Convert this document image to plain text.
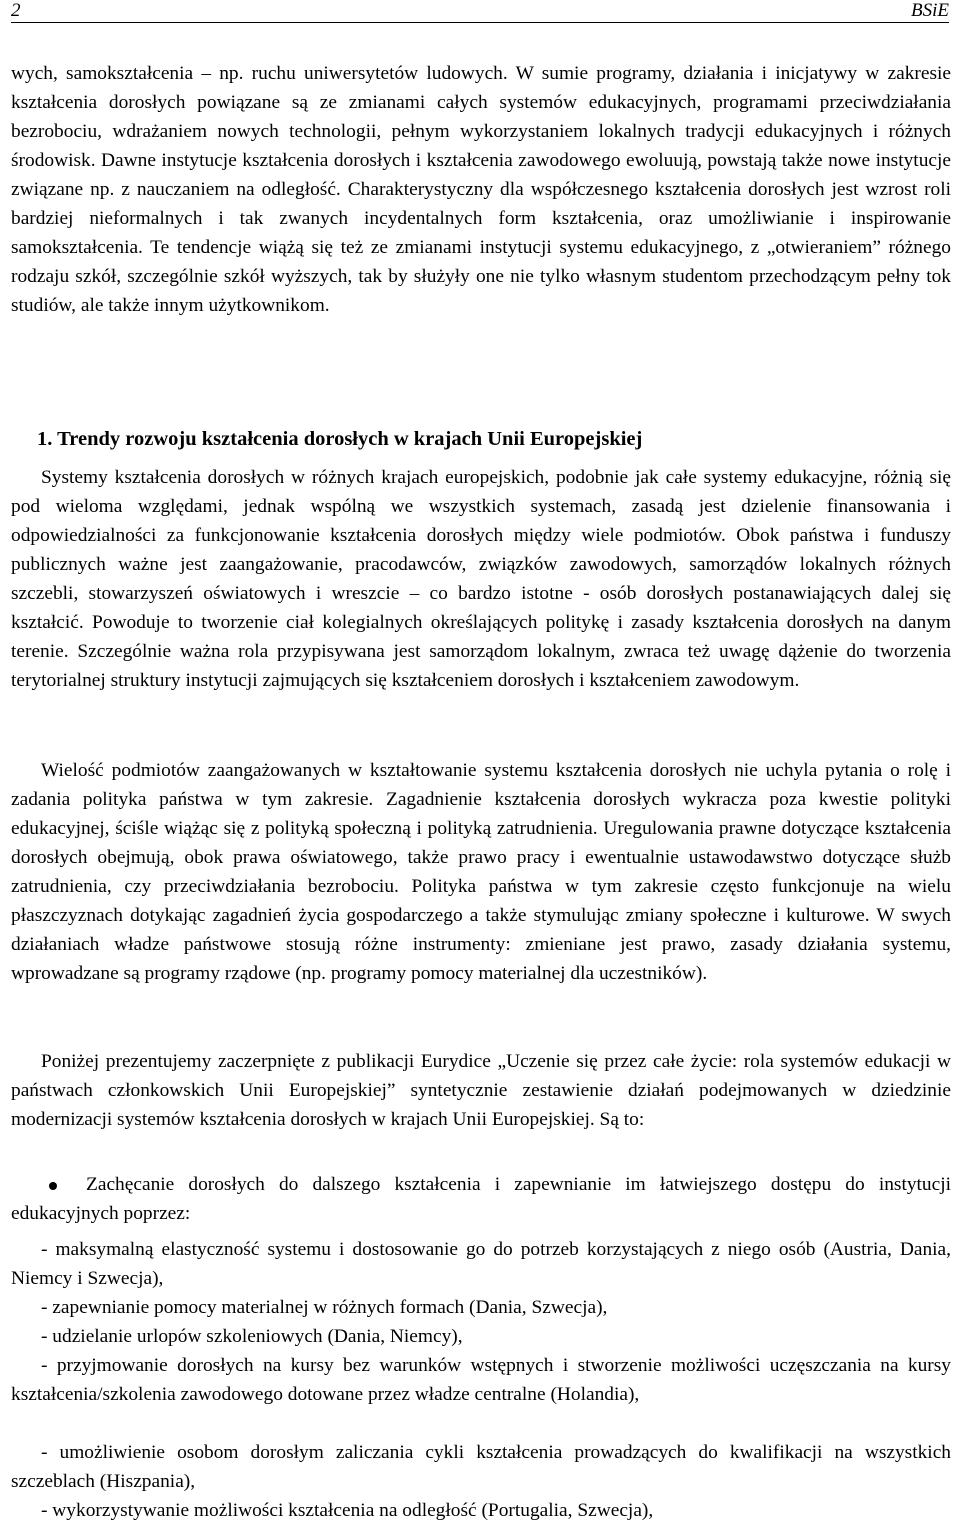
2	BSiE
wych, samokształcenia – np. ruchu uniwersytetów ludowych. W sumie programy, działania i inicjatywy w zakresie kształcenia dorosłych powiązane są ze zmianami całych systemów edukacyjnych, programami przeciwdziałania bezrobociu, wdrażaniem nowych technologii, pełnym wykorzystaniem lokalnych tradycji edukacyjnych i różnych środowisk. Dawne instytucje kształcenia dorosłych i kształcenia zawodowego ewoluują, powstają także nowe instytucje związane np. z nauczaniem na odległość. Charakterystyczny dla współczesnego kształcenia dorosłych jest wzrost roli bardziej nieformalnych i tak zwanych incydentalnych form kształcenia, oraz umożliwianie i inspirowanie samokształcenia. Te tendencje wiążą się też ze zmianami instytucji systemu edukacyjnego, z „otwieraniem” różnego rodzaju szkół, szczególnie szkół wyższych, tak by służyły one nie tylko własnym studentom przechodzącym pełny tok studiów, ale także innym użytkownikom.
1. Trendy rozwoju kształcenia dorosłych w krajach Unii Europejskiej
Systemy kształcenia dorosłych w różnych krajach europejskich, podobnie jak całe systemy edukacyjne, różnią się pod wieloma względami, jednak wspólną we wszystkich systemach, zasadą jest dzielenie finansowania i odpowiedzialności za funkcjonowanie kształcenia dorosłych między wiele podmiotów. Obok państwa i funduszy publicznych ważne jest zaangażowanie, pracodawców, związków zawodowych, samorządów lokalnych różnych szczebli, stowarzyszeń oświatowych i wreszcie – co bardzo istotne - osób dorosłych postanawiających dalej się kształcić. Powoduje to tworzenie ciał kolegialnych określających politykę i zasady kształcenia dorosłych na danym terenie. Szczególnie ważna rola przypisywana jest samorządom lokalnym, zwraca też uwagę dążenie do tworzenia terytorialnej struktury instytucji zajmujących się kształceniem dorosłych i kształceniem zawodowym.
Wielość podmiotów zaangażowanych w kształtowanie systemu kształcenia dorosłych nie uchyla pytania o rolę i zadania polityka państwa w tym zakresie. Zagadnienie kształcenia dorosłych wykracza poza kwestie polityki edukacyjnej, ściśle wiążąc się z polityką społeczną i polityką zatrudnienia. Uregulowania prawne dotyczące kształcenia dorosłych obejmują, obok prawa oświatowego, także prawo pracy i ewentualnie ustawodawstwo dotyczące służb zatrudnienia, czy przeciwdziałania bezrobociu. Polityka państwa w tym zakresie często funkcjonuje na wielu płaszczyznach dotykając zagadnień życia gospodarczego a także stymulując zmiany społeczne i kulturowe. W swych działaniach władze państwowe stosują różne instrumenty: zmieniane jest prawo, zasady działania systemu, wprowadzane są programy rządowe (np. programy pomocy materialnej dla uczestników).
Poniżej prezentujemy zaczerpnięte z publikacji Eurydice „Uczenie się przez całe życie: rola systemów edukacji w państwach członkowskich Unii Europejskiej” syntetycznie zestawienie działań podejmowanych w dziedzinie modernizacji systemów kształcenia dorosłych w krajach Unii Europejskiej. Są to:
Zachęcanie dorosłych do dalszego kształcenia i zapewnianie im łatwiejszego dostępu do instytucji edukacyjnych poprzez:
- maksymalną elastyczność systemu i dostosowanie go do potrzeb korzystających z niego osób (Austria, Dania, Niemcy i Szwecja),
- zapewnianie pomocy materialnej w różnych formach (Dania, Szwecja),
- udzielanie urlopów szkoleniowych (Dania, Niemcy),
- przyjmowanie dorosłych na kursy bez warunków wstępnych i stworzenie możliwości uczęszczania na kursy kształcenia/szkolenia zawodowego dotowane przez władze centralne (Holandia),
- umożliwienie osobom dorosłym zaliczania cykli kształcenia prowadzących do kwalifikacji na wszystkich szczeblach (Hiszpania),
- wykorzystywanie możliwości kształcenia na odległość (Portugalia, Szwecja),
